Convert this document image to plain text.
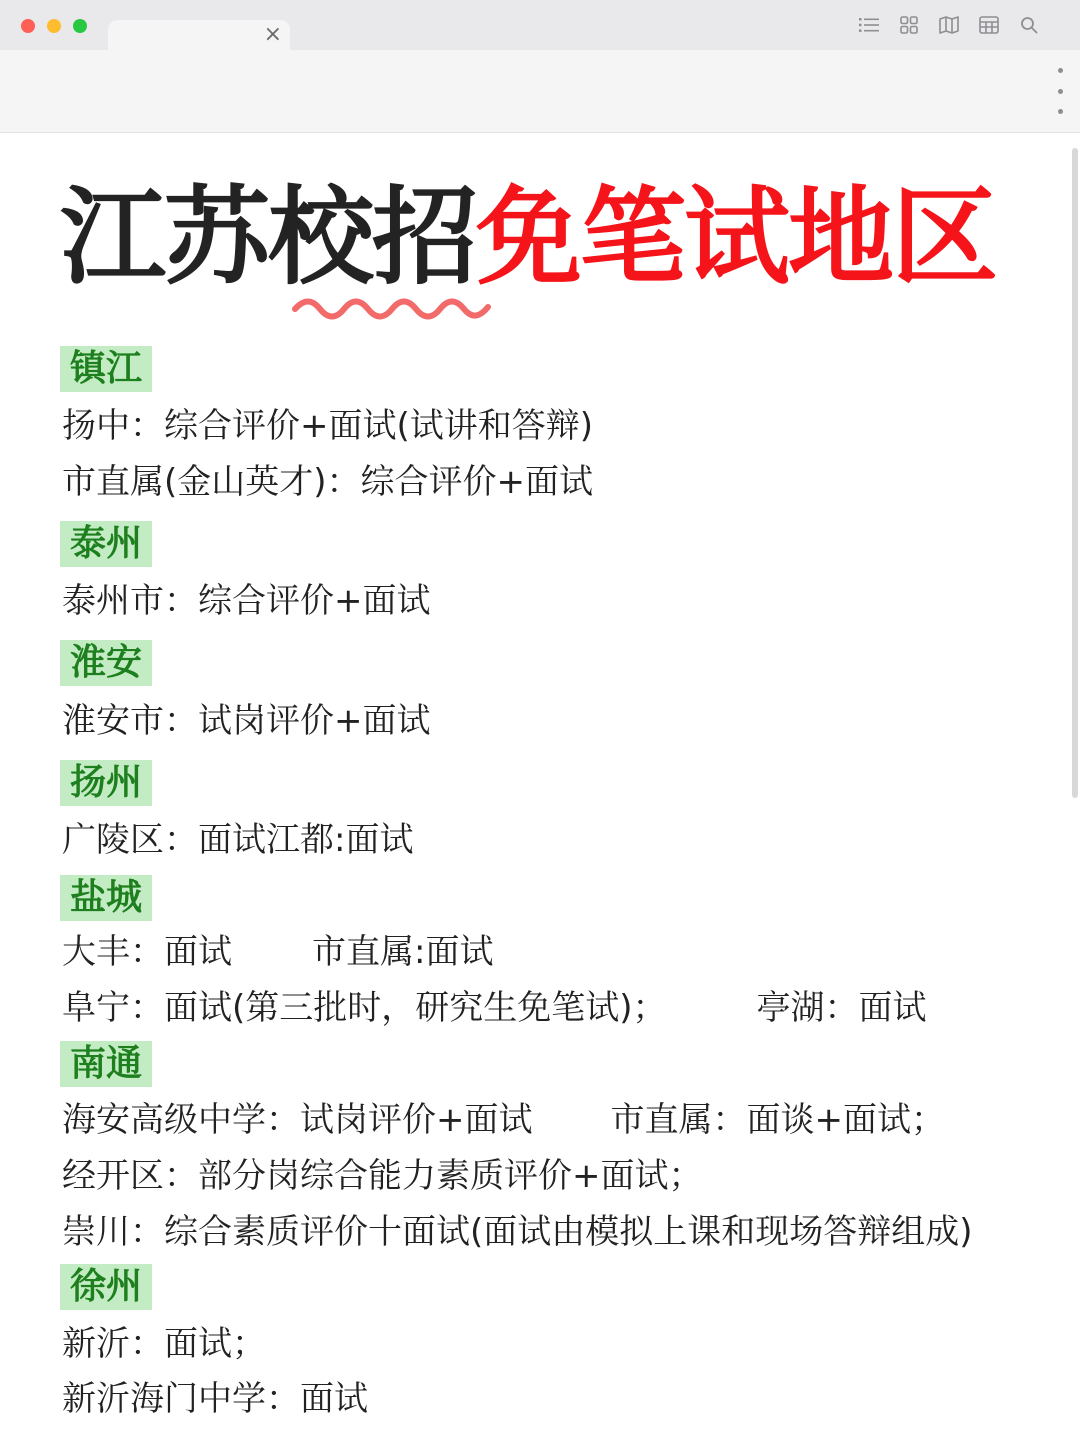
×
江苏校招免笔试地区
镇江
扬中：综合评价+面试(试讲和答辩)
市直属(金山英才)：综合评价+面试
泰州
泰州市：综合评价+面试
淮安
淮安市：试岗评价+面试
扬州
广陵区：面试江都:面试
盐城
大丰：面试 市直属:面试
阜宁：面试(第三批时，研究生免笔试)；	亭湖：面试
南通
海安高级中学：试岗评价+面试 市直属：面谈+面试；
经开区：部分岗综合能力素质评价+面试；
崇川：综合素质评价十面试(面试由模拟上课和现场答辩组成)
徐州
新沂：面试；
新沂海门中学：面试
